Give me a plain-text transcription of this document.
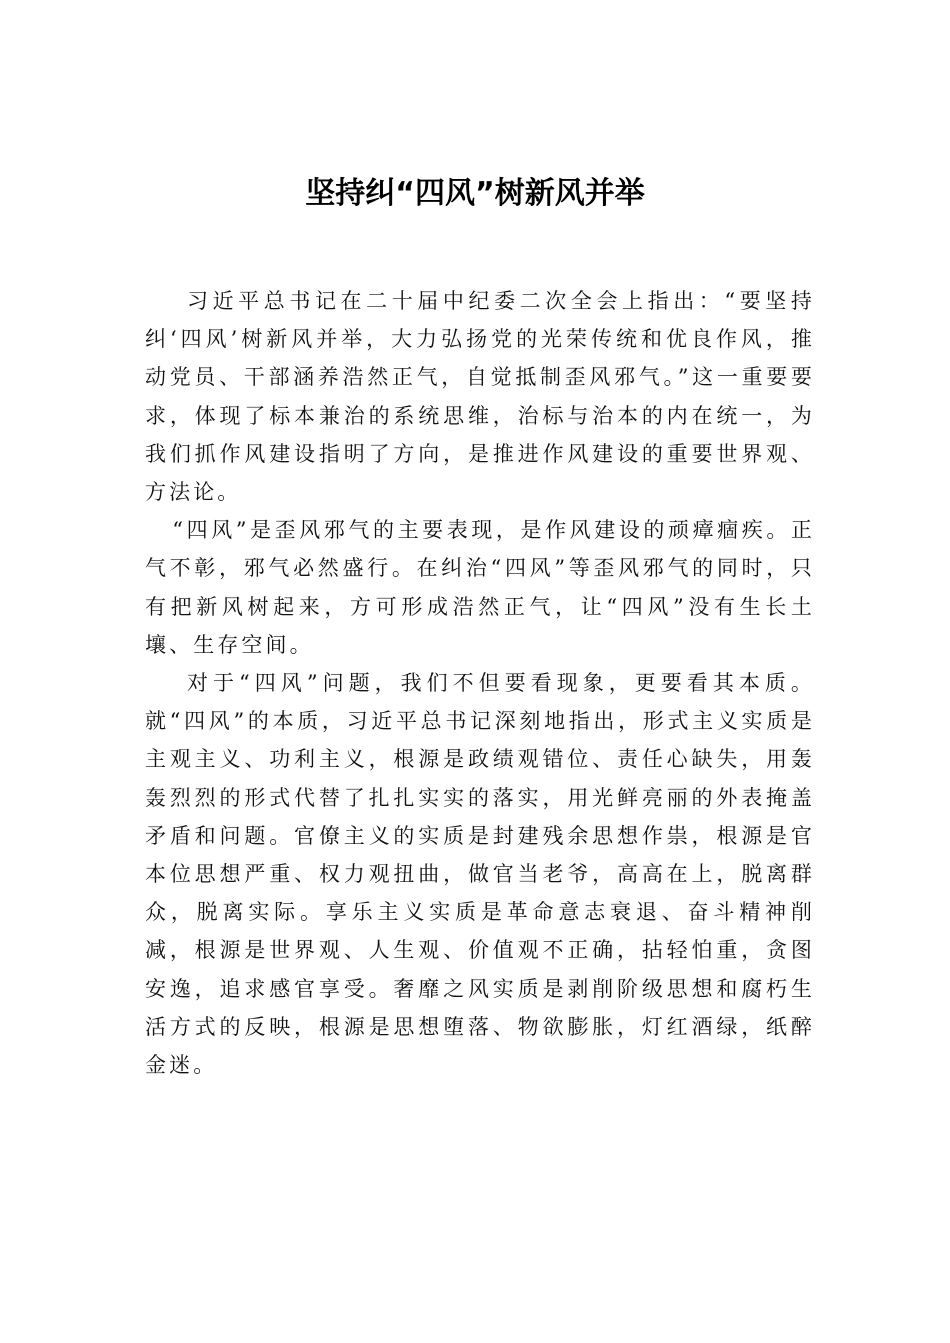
坚持纠“四风”树新风并举

习近平总书记在二十届中纪委二次全会上指出：“要坚持纠‘四风’树新风并举，大力弘扬党的光荣传统和优良作风，推动党员、干部涵养浩然正气，自觉抵制歪风邪气。”这一重要要求，体现了标本兼治的系统思维，治标与治本的内在统一，为我们抓作风建设指明了方向，是推进作风建设的重要世界观、方法论。

“四风”是歪风邪气的主要表现，是作风建设的顽瘴痼疾。正气不彰，邪气必然盛行。在纠治“四风”等歪风邪气的同时，只有把新风树起来，方可形成浩然正气，让“四风”没有生长土壤、生存空间。

对于“四风”问题，我们不但要看现象，更要看其本质。就“四风”的本质，习近平总书记深刻地指出，形式主义实质是主观主义、功利主义，根源是政绩观错位、责任心缺失，用轰轰烈烈的形式代替了扎扎实实的落实，用光鲜亮丽的外表掩盖矛盾和问题。官僚主义的实质是封建残余思想作祟，根源是官本位思想严重、权力观扭曲，做官当老爷，高高在上，脱离群众，脱离实际。享乐主义实质是革命意志衰退、奋斗精神削减，根源是世界观、人生观、价值观不正确，拈轻怕重，贪图安逸，追求感官享受。奢靡之风实质是剥削阶级思想和腐朽生活方式的反映，根源是思想堕落、物欲膨胀，灯红酒绿，纸醉金迷。
